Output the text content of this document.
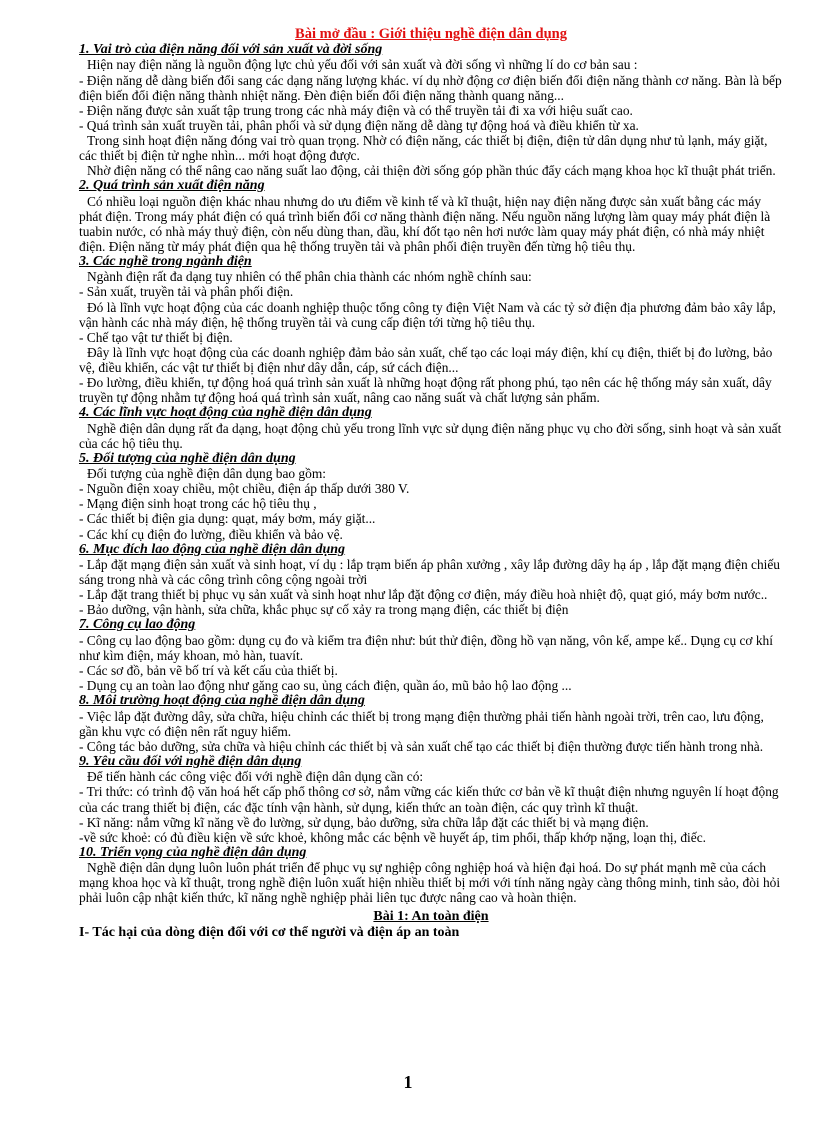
Bài mở đầu : Giới thiệu nghề điện dân dụng
1. Vai trò của điện năng đối với sản xuất và đời sống
Hiện nay điện năng là nguồn động lực chủ yếu đối với sản xuất và đời sống vì những lí do cơ bản sau :
- Điện năng dễ dàng biến đổi sang các dạng năng lượng khác. ví dụ nhờ động cơ điện biến đổi điện năng thành cơ năng. Bàn là bếp điện biến đổi điện năng thành nhiệt năng. Đèn điện biến đổi điện năng thành quang năng...
- Điện năng được sản xuất tập trung trong các nhà máy điện và có thể truyền tải đi xa với hiệu suất cao.
- Quá trình sản xuất truyền tải, phân phối và sử dụng điện năng dễ dàng tự động hoá và điều khiển từ xa.
Trong sinh hoạt điện năng đóng vai trò quan trọng. Nhờ có điện năng, các thiết bị điện, điện tử dân dụng như tủ lạnh, máy giặt, các thiết bị điện tử nghe nhìn... mới hoạt động được.
Nhờ điện năng có thể nâng cao năng suất lao động, cải thiện đời sống góp phần thúc đẩy cách mạng khoa học kĩ thuật phát triển.
2. Quá trình sản xuất điện năng
Có nhiều loại nguồn điện khác nhau nhưng do ưu điểm về kinh tế và kĩ thuật, hiện nay điện năng được sản xuất bằng các máy phát điện. Trong máy phát điện có quá trình biến đổi cơ năng thành điện năng. Nếu nguồn năng lượng làm quay máy phát điện là tuabin nước, có nhà máy thuỷ điện, còn nếu dùng than, dầu, khí đốt tạo nên hơi nước làm quay máy phát điện, có nhà máy nhiệt điện. Điện năng từ máy phát điện qua hệ thống truyền tải và phân phối điện truyền đến từng hộ tiêu thụ.
3. Các nghề trong ngành điện
Ngành điện rất đa dạng tuy nhiên có thể phân chia thành các nhóm nghề chính sau:
- Sản xuất, truyền tải và phân phối điện.
Đó là lĩnh vực hoạt động của các doanh nghiệp thuộc tổng công ty điện Việt Nam và các tỷ sở điện địa phương đảm bảo xây lắp, vận hành các nhà máy điện, hệ thống truyền tải và cung cấp điện tới từng hộ tiêu thụ.
- Chế tạo vật tư thiết bị điện.
Đây là lĩnh vực hoạt động của các doanh nghiệp đảm bảo sản xuất, chế tạo các loại máy điện, khí cụ điện, thiết bị đo lường, bảo vệ, điều khiển, các vật tư thiết bị điện như dây dẫn, cáp, sứ cách điện...
- Đo lường, điều khiển, tự động hoá quá trình sản xuất là những hoạt động rất phong phú, tạo nên các hệ thống máy sản xuất, dây truyền tự động nhằm tự động hoá quá trình sản xuất, nâng cao năng suất và chất lượng sản phẩm.
4. Các lĩnh vực hoạt động của nghề điện dân dụng
Nghề điện dân dụng rất đa dạng, hoạt động chủ yếu trong lĩnh vực sử dụng điện năng phục vụ cho đời sống, sinh hoạt và sản xuất của các hộ tiêu thụ.
5. Đối tượng của nghề điện dân dụng
Đối tượng của nghề điện dân dụng bao gồm:
- Nguồn điện xoay chiều, một chiều, điện áp thấp dưới 380 V.
- Mạng điện sinh hoạt trong các hộ tiêu thụ ,
- Các thiết bị điện gia dụng: quạt, máy bơm, máy giặt...
- Các khí cụ điện đo lường, điều khiển và bảo vệ.
6. Mục đích lao động của nghề điện dân dụng
- Lắp đặt mạng điện sản xuất và sinh hoạt, ví dụ : lắp trạm biến áp phân xưởng , xây lắp đường dây hạ áp , lắp đặt mạng điện chiếu sáng trong nhà và các công trình công cộng ngoài trời
- Lắp đặt trang thiết bị phục vụ sản xuất và sinh hoạt như lắp đặt động cơ điện, máy điều hoà nhiệt độ, quạt gió, máy bơm nước..
- Bảo dưỡng, vận hành, sửa chữa, khắc phục sự cố xảy ra trong mạng điện, các thiết bị điện
7. Công cụ lao động
- Công cụ lao động bao gồm: dụng cụ đo và kiểm tra điện như: bút thử điện, đồng hồ vạn năng, vôn kế, ampe kế.. Dụng cụ cơ khí như kìm điện, máy khoan, mỏ hàn, tuavít.
- Các sơ đồ, bản vẽ bố trí và kết cấu của thiết bị.
- Dụng cụ an toàn lao động như găng cao su, ủng cách điện, quần áo, mũ bảo hộ lao động ...
8. Môi trường hoạt động của nghề điện dân dụng
- Việc lắp đặt đường dây, sửa chữa, hiệu chỉnh các thiết bị trong mạng điện thường phải tiến hành ngoài trời, trên cao, lưu động, gần khu vực có điện nên rất nguy hiểm.
- Công tác bảo dưỡng, sửa chữa và hiệu chỉnh các thiết bị và sản xuất chế tạo các thiết bị điện thường được tiến hành trong nhà.
9. Yêu cầu đối với nghề điện dân dụng
Để tiến hành các công việc đối với nghề điện dân dụng cần có:
- Tri thức: có trình độ văn hoá hết cấp phổ thông cơ sở, nắm vững các kiến thức cơ bản về kĩ thuật điện nhưng nguyên lí hoạt động của các trang thiết bị điện, các đặc tính vận hành, sử dụng, kiến thức an toàn điện, các quy trình kĩ thuật.
- Kĩ năng: nắm vững kĩ năng về đo lường, sử dụng, bảo dưỡng, sửa chữa lắp đặt các thiết bị và mạng điện.
-về sức khoẻ: có đủ điều kiện về sức khoẻ, không mắc các bệnh về huyết áp, tim phổi, thấp khớp nặng, loạn thị, điếc.
10. Triển vọng của nghề điện dân dụng
Nghề điện dân dụng luôn luôn phát triển để phục vụ sự nghiệp công nghiệp hoá và hiện đại hoá. Do sự phát mạnh mẽ của cách mạng khoa học và kĩ thuật, trong nghề điện luôn xuất hiện nhiều thiết bị mới với tính năng ngày càng thông minh, tinh sảo, đòi hỏi phải luôn cập nhật kiến thức, kĩ năng nghề nghiệp phải liên tục được nâng cao và hoàn thiện.
Bài 1: An toàn điện
I- Tác hại của dòng điện đối với cơ thể người và điện áp an toàn
1
